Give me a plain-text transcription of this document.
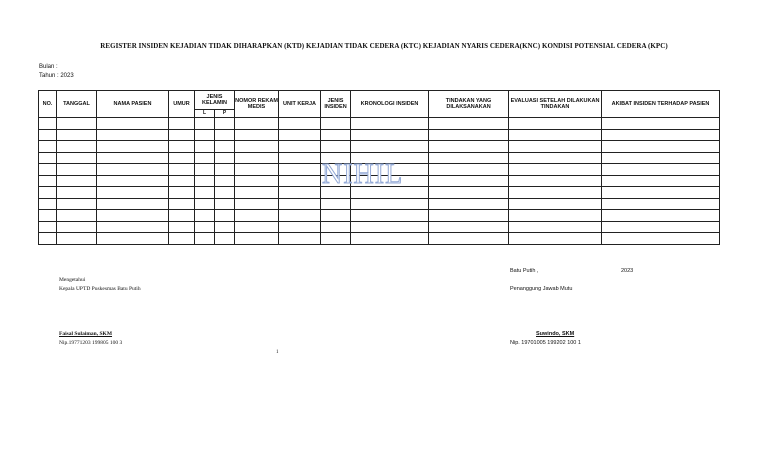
REGISTER INSIDEN KEJADIAN TIDAK DIHARAPKAN (KTD) KEJADIAN TIDAK CEDERA (KTC) KEJADIAN NYARIS CEDERA(KNC) KONDISI POTENSIAL CEDERA (KPC)
Bulan :
Tahun : 2023
NO.	TANGGAL	NAMA PASIEN	UMUR	JENIS KELAMIN		NOMOR REKAM MEDIS	UNIT KERJA	JENIS INSIDEN	KRONOLOGI INSIDEN	TINDAKAN YANG DILAKSANAKAN	EVALUASI SETELAH DILAKUKAN TINDAKAN	AKIBAT INSIDEN TERHADAP PASIEN
				L	P							

NIHIL
Mengetahui
Kepala UPTD Puskesmas Batu Putih
Faisal Sulaiman, SKM
Nip.19771203 199805 100 3
Batu Putih ,	2023
Penanggung Jawab Mutu
Suwindo, SKM
Nip. 19701005 199202 100 1
1
